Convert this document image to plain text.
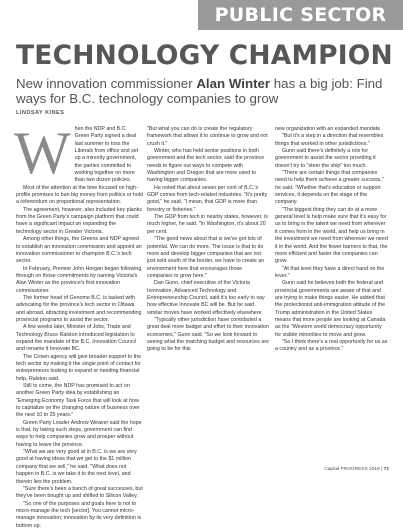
PUBLIC SECTOR
TECHNOLOGY CHAMPION

New innovation commissioner Alan Winter has a big job: Find ways for B.C. technology companies to grow

LINDSAY KINES
W hen the NDP and B.C. Green Party signed a deal last summer to toss the Liberals from office and set up a minority government, the parties committed to working together on more than two dozen policies.

Most of the attention at the time focused on high-profile promises to ban big money from politics or hold a referendum on proportional representation.

The agreement, however, also included key planks from the Green Party's campaign platform that could have a significant impact on expanding the technology sector in Greater Victoria.

Among other things, the Greens and NDP agreed to establish an innovation commission and appoint an innovation commissioner to champion B.C.'s tech sector.

In February, Premier John Horgan began following through on those commitments by naming Victoria's Alan Winter as the province's first innovation commissioner.

The former head of Genome B.C. is tasked with advocating for the province's tech sector in Ottawa and abroad, attracting investment and recommending provincial programs to assist the sector.

A few weeks later, Minister of Jobs, Trade and Technology Bruce Ralston introduced legislation to expand the mandate of the B.C. Innovation Council and rename it Innovate BC.

The Crown agency will give broader support to the tech sector by making it the single point of contact for entrepreneurs looking to expand or needing financial help, Ralston said.

Still to come, the NDP has promised to act on another Green Party idea by establishing an "Emerging Economy Task Force that will look at how to capitalize on the changing nature of business over the next 10 to 25 years."

Green Party Leader Andrew Weaver said the hope is that, by taking such steps, government can find ways to help companies grow and prosper without having to leave the province.

"What we are very good at in B.C. is we are very good at having ideas that we get to the $1 million company that we sell," he said. "What does not happen in B.C. is we take it to the next level, and therein lies the problem.

"Sure there's been a bunch of great successes, but they've been bought up and shifted to Silicon Valley.

"So one of the purposes and goals here is not to micro-manage the tech [sector]. You cannot micro-manage innovation; innovation by its very definition is bottom up.

"But what you can do is create the regulatory framework that allows it to continue to grow and not crush it."

Winter, who has held senior positions in both government and the tech sector, said the province needs to figure out ways to compete with Washington and Oregon that are more used to having bigger companies.

He noted that about seven per cent of B.C.'s GDP comes from tech-related industries. "It's pretty good," he said. "I mean, that GDP is more than forestry or fisheries."

The GDP from tech in nearby states, however, is much higher, he said. "In Washington, it's about 20 per cent.

"The good news about that is we've got lots of potential. We can do more. The issue is that to do more and develop bigger companies that are not just sold south of the border, we have to create an environment here that encourages those companies to grow here."

Dan Gunn, chief executive of the Victoria Innovation, Advanced Technology and Entrepreneurship Council, said it's too early to say how effective Innovate BC will be. But he said similar moves have worked effectively elsewhere.

"Typically other jurisdiction have contributed a great deal more budget and effort to their innovation economies," Gunn said. "So we look forward to seeing what the matching budget and resources are going to be for this

new organization with an expanded mandate.

"But it's a step in a direction that resembles things that worked in other jurisdictions."

Gunn said there's definitely a role for government to assist the sector providing it doesn't try to "steer the ship" too much.

"There are certain things that companies need to help them achieve a greater success," he said. "Whether that's education or support services, it depends on the stage of the company.

"The biggest thing they can do at a more general level is help make sure that it's easy for us to bring in the talent we need from wherever it comes from in the world, and help us bring in the investment we need from wherever we need it in the world. And the fewer barriers to that, the more efficient and faster the companies can grow.

"At that level they have a direct hand on the lever."

Gunn said he believes both the federal and provincial governments are aware of that and are trying to make things easier. He added that the protectionist anti-immigration attitude of the Trump administration in the United States means that more people are looking at Canada as the "Western world democracy opportunity for visible minorities to move and grow.

"So I think there's a real opportunity for us as a country and as a province."

Capital PROGRESS 2018 | 71
